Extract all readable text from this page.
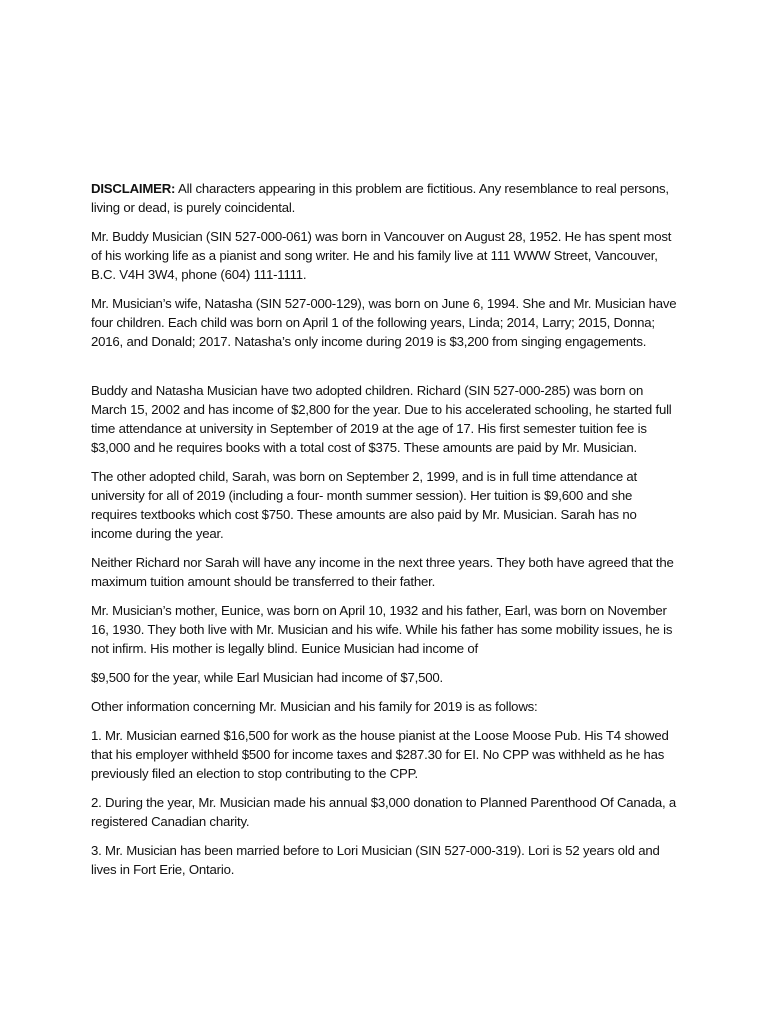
DISCLAIMER: All characters appearing in this problem are fictitious. Any resemblance to real persons, living or dead, is purely coincidental.

Mr. Buddy Musician (SIN 527-000-061) was born in Vancouver on August 28, 1952. He has spent most of his working life as a pianist and song writer. He and his family live at 111 WWW Street, Vancouver, B.C. V4H 3W4, phone (604) 111-1111.

Mr. Musician’s wife, Natasha (SIN 527-000-129), was born on June 6, 1994. She and Mr. Musician have four children. Each child was born on April 1 of the following years, Linda; 2014, Larry; 2015, Donna; 2016, and Donald; 2017. Natasha’s only income during 2019 is $3,200 from singing engagements.

Buddy and Natasha Musician have two adopted children. Richard (SIN 527-000-285) was born on March 15, 2002 and has income of $2,800 for the year. Due to his accelerated schooling, he started full time attendance at university in September of 2019 at the age of 17. His first semester tuition fee is $3,000 and he requires books with a total cost of $375. These amounts are paid by Mr. Musician.

The other adopted child, Sarah, was born on September 2, 1999, and is in full time attendance at university for all of 2019 (including a four- month summer session). Her tuition is $9,600 and she requires textbooks which cost $750. These amounts are also paid by Mr. Musician. Sarah has no income during the year.

Neither Richard nor Sarah will have any income in the next three years. They both have agreed that the maximum tuition amount should be transferred to their father.

Mr. Musician’s mother, Eunice, was born on April 10, 1932 and his father, Earl, was born on November 16, 1930. They both live with Mr. Musician and his wife. While his father has some mobility issues, he is not infirm. His mother is legally blind. Eunice Musician had income of

$9,500 for the year, while Earl Musician had income of $7,500.

Other information concerning Mr. Musician and his family for 2019 is as follows:

1. Mr. Musician earned $16,500 for work as the house pianist at the Loose Moose Pub. His T4 showed that his employer withheld $500 for income taxes and $287.30 for EI. No CPP was withheld as he has previously filed an election to stop contributing to the CPP.

2. During the year, Mr. Musician made his annual $3,000 donation to Planned Parenthood Of Canada, a registered Canadian charity.

3. Mr. Musician has been married before to Lori Musician (SIN 527-000-319). Lori is 52 years old and lives in Fort Erie, Ontario.
